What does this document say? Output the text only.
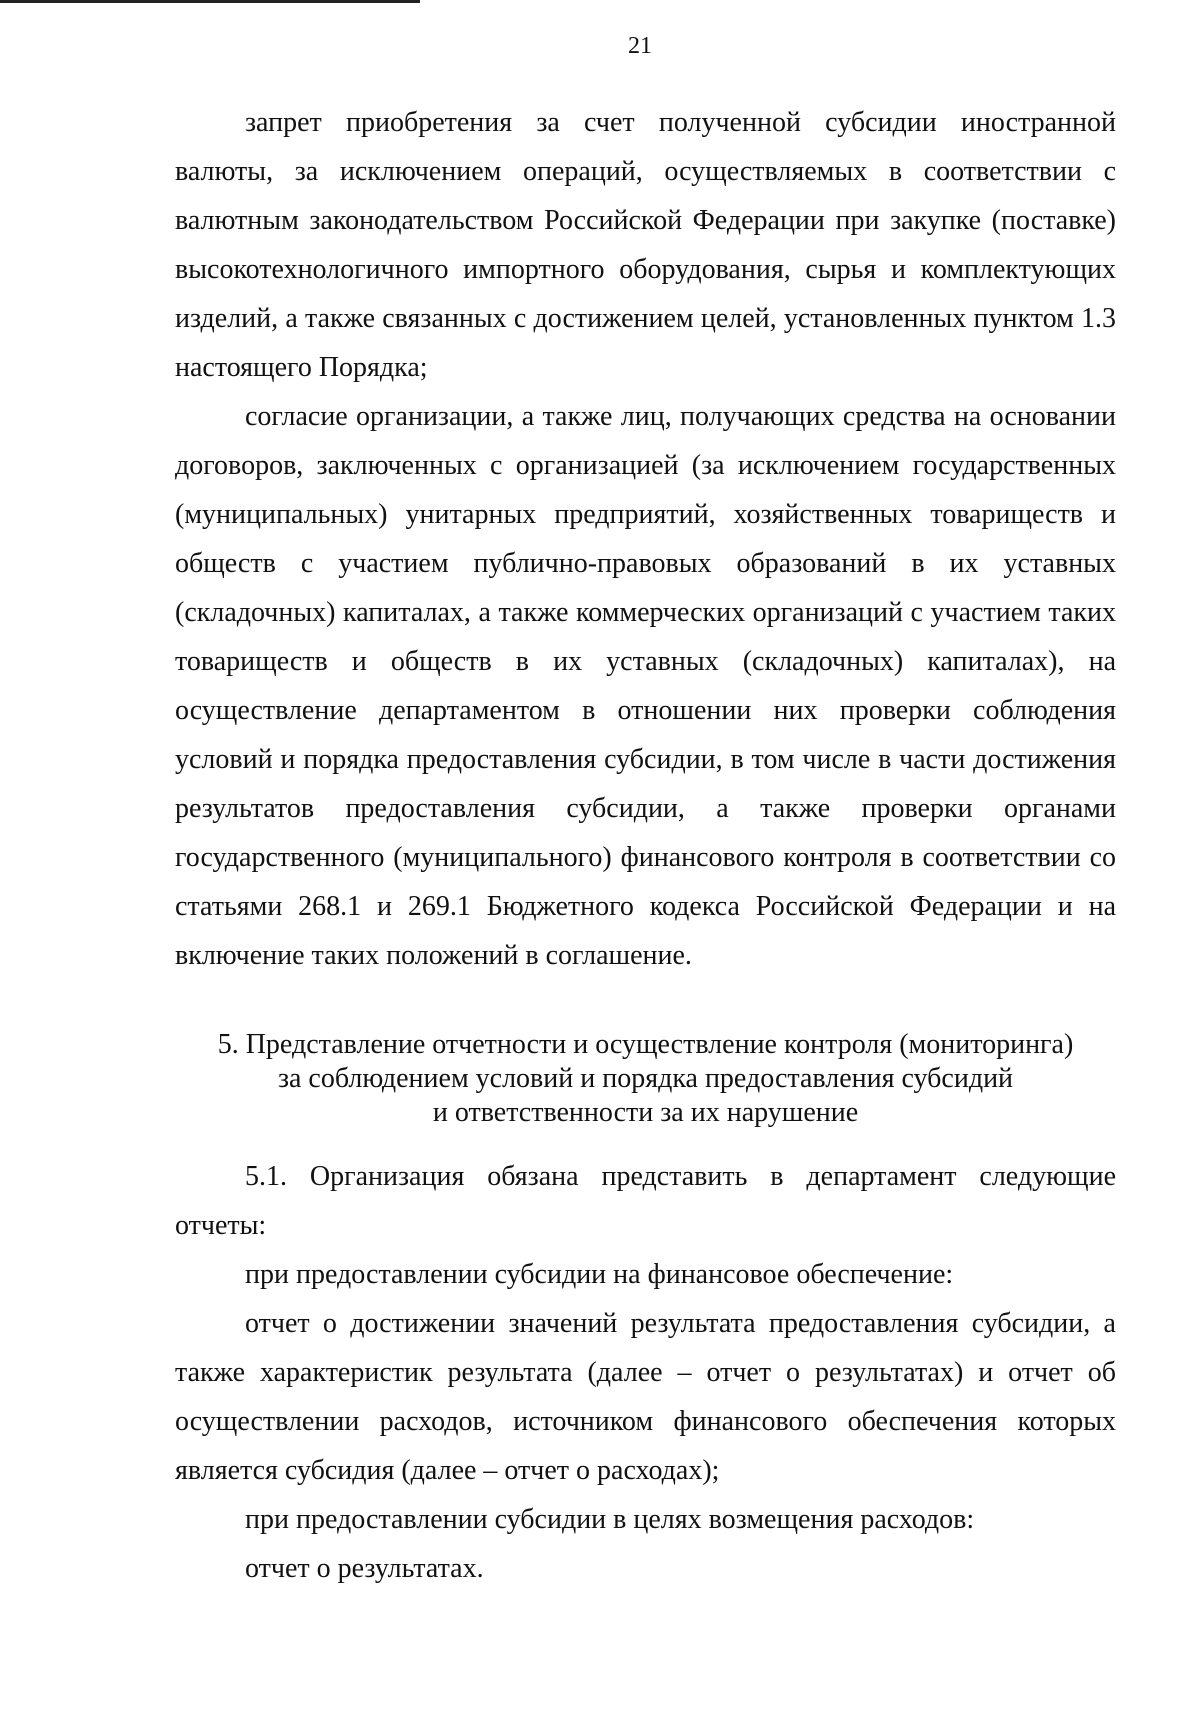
21

запрет приобретения за счет полученной субсидии иностранной валюты, за исключением операций, осуществляемых в соответствии с валютным законодательством Российской Федерации при закупке (поставке) высокотехнологичного импортного оборудования, сырья и комплектующих изделий, а также связанных с достижением целей, установленных пунктом 1.3 настоящего Порядка;

согласие организации, а также лиц, получающих средства на основании договоров, заключенных с организацией (за исключением государственных (муниципальных) унитарных предприятий, хозяйственных товариществ и обществ с участием публично-правовых образований в их уставных (складочных) капиталах, а также коммерческих организаций с участием таких товариществ и обществ в их уставных (складочных) капиталах), на осуществление департаментом в отношении них проверки соблюдения условий и порядка предоставления субсидии, в том числе в части достижения результатов предоставления субсидии, а также проверки органами государственного (муниципального) финансового контроля в соответствии со статьями 268.1 и 269.1 Бюджетного кодекса Российской Федерации и на включение таких положений в соглашение.

5. Представление отчетности и осуществление контроля (мониторинга)
за соблюдением условий и порядка предоставления субсидий
и ответственности за их нарушение

5.1. Организация обязана представить в департамент следующие отчеты:

при предоставлении субсидии на финансовое обеспечение:

отчет о достижении значений результата предоставления субсидии, а также характеристик результата (далее – отчет о результатах) и отчет об осуществлении расходов, источником финансового обеспечения которых является субсидия (далее – отчет о расходах);

при предоставлении субсидии в целях возмещения расходов:

отчет о результатах.
